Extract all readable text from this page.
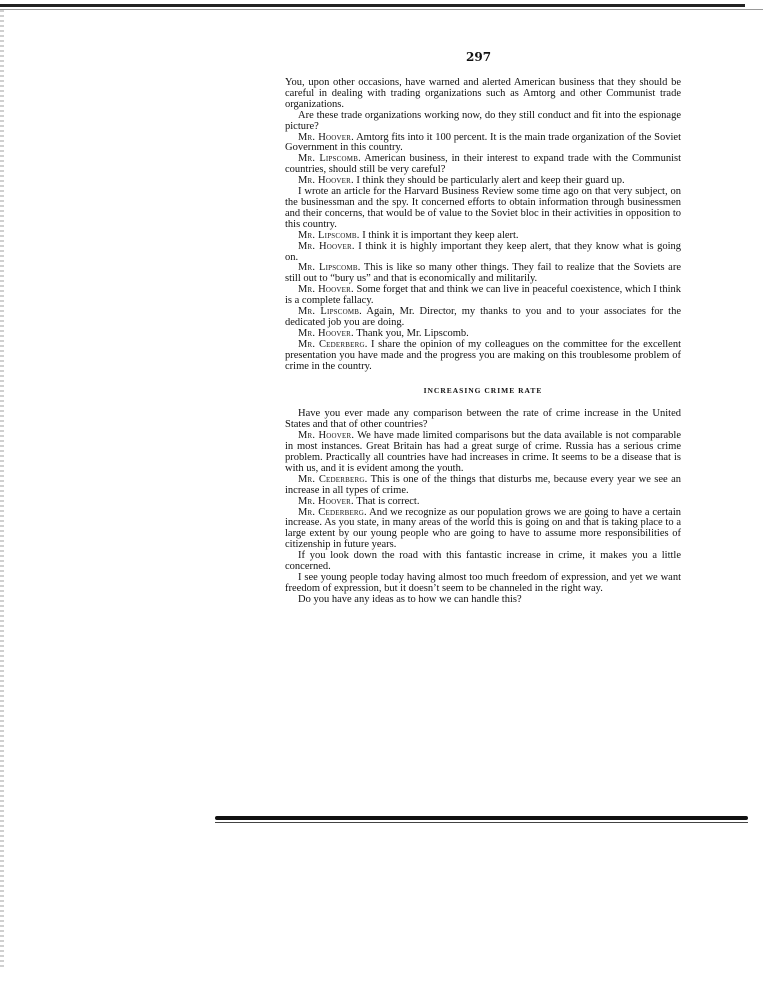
297

You, upon other occasions, have warned and alerted American business that they should be careful in dealing with trading organizations such as Amtorg and other Communist trade organizations.

Are these trade organizations working now, do they still conduct and fit into the espionage picture?

Mr. Hoover. Amtorg fits into it 100 percent. It is the main trade organization of the Soviet Government in this country.

Mr. Lipscomb. American business, in their interest to expand trade with the Communist countries, should still be very careful?

Mr. Hoover. I think they should be particularly alert and keep their guard up.

I wrote an article for the Harvard Business Review some time ago on that very subject, on the businessman and the spy. It concerned efforts to obtain information through businessmen and their concerns, that would be of value to the Soviet bloc in their activities in opposition to this country.

Mr. Lipscomb. I think it is important they keep alert.

Mr. Hoover. I think it is highly important they keep alert, that they know what is going on.

Mr. Lipscomb. This is like so many other things. They fail to realize that the Soviets are still out to “bury us” and that is economically and militarily.

Mr. Hoover. Some forget that and think we can live in peaceful coexistence, which I think is a complete fallacy.

Mr. Lipscomb. Again, Mr. Director, my thanks to you and to your associates for the dedicated job you are doing.

Mr. Hoover. Thank you, Mr. Lipscomb.

Mr. Cederberg. I share the opinion of my colleagues on the committee for the excellent presentation you have made and the progress you are making on this troublesome problem of crime in the country.

INCREASING CRIME RATE

Have you ever made any comparison between the rate of crime increase in the United States and that of other countries?

Mr. Hoover. We have made limited comparisons but the data available is not comparable in most instances. Great Britain has had a great surge of crime. Russia has a serious crime problem. Practically all countries have had increases in crime. It seems to be a disease that is with us, and it is evident among the youth.

Mr. Cederberg. This is one of the things that disturbs me, because every year we see an increase in all types of crime.

Mr. Hoover. That is correct.

Mr. Cederberg. And we recognize as our population grows we are going to have a certain increase. As you state, in many areas of the world this is going on and that is taking place to a large extent by our young people who are going to have to assume more responsibilities of citizenship in future years.

If you look down the road with this fantastic increase in crime, it makes you a little concerned.

I see young people today having almost too much freedom of expression, and yet we want freedom of expression, but it doesn’t seem to be channeled in the right way.

Do you have any ideas as to how we can handle this?
